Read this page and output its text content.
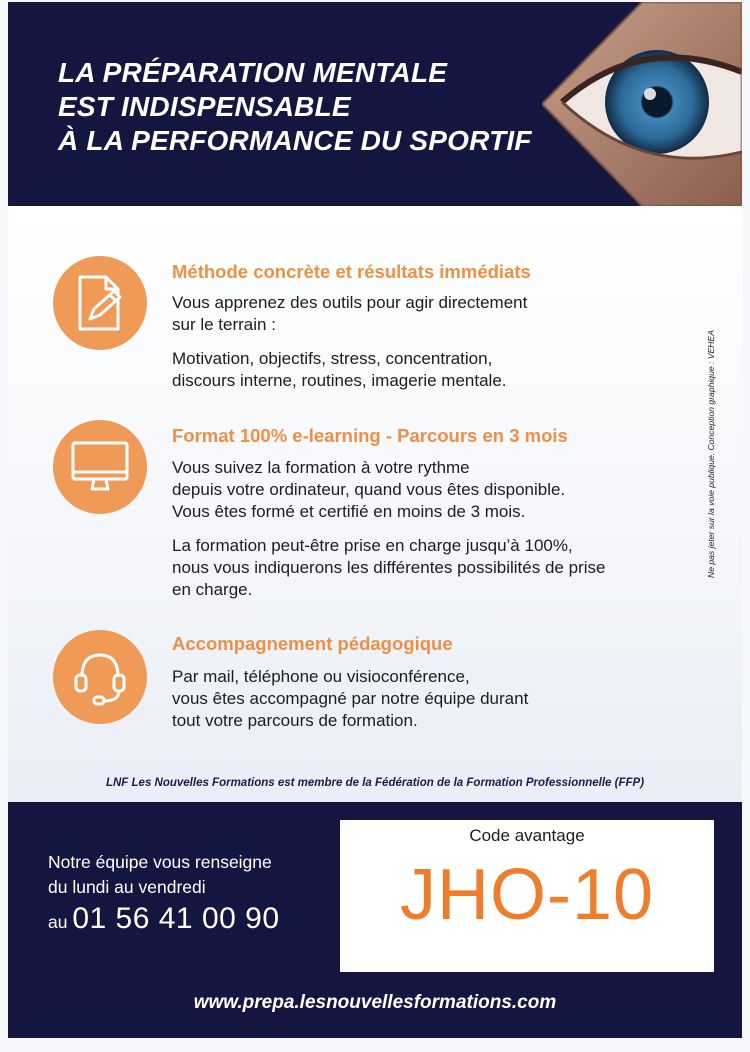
LA PRÉPARATION MENTALE
EST INDISPENSABLE
À LA PERFORMANCE DU SPORTIF
Méthode concrète et résultats immédiats

Vous apprenez des outils pour agir directement

sur le terrain :

Motivation, objectifs, stress, concentration,

discours interne, routines, imagerie mentale.

Format 100% e-learning - Parcours en 3 mois

Vous suivez la formation à votre rythme

depuis votre ordinateur, quand vous êtes disponible.

Vous êtes formé et certifié en moins de 3 mois.

La formation peut-être prise en charge jusqu’à 100%,

nous vous indiquerons les différentes possibilités de prise

en charge.

Accompagnement pédagogique

Par mail, téléphone ou visioconférence,

vous êtes accompagné par notre équipe durant

tout votre parcours de formation.

Ne pas jeter sur la voie publique. Conception graphique : VEHEA
LNF Les Nouvelles Formations est membre de la Fédération de la Formation Professionnelle (FFP)
Notre équipe vous renseigne
du lundi au vendredi
au 01 56 41 00 90
Code avantage
JHO-10
www.prepa.lesnouvellesformations.com
